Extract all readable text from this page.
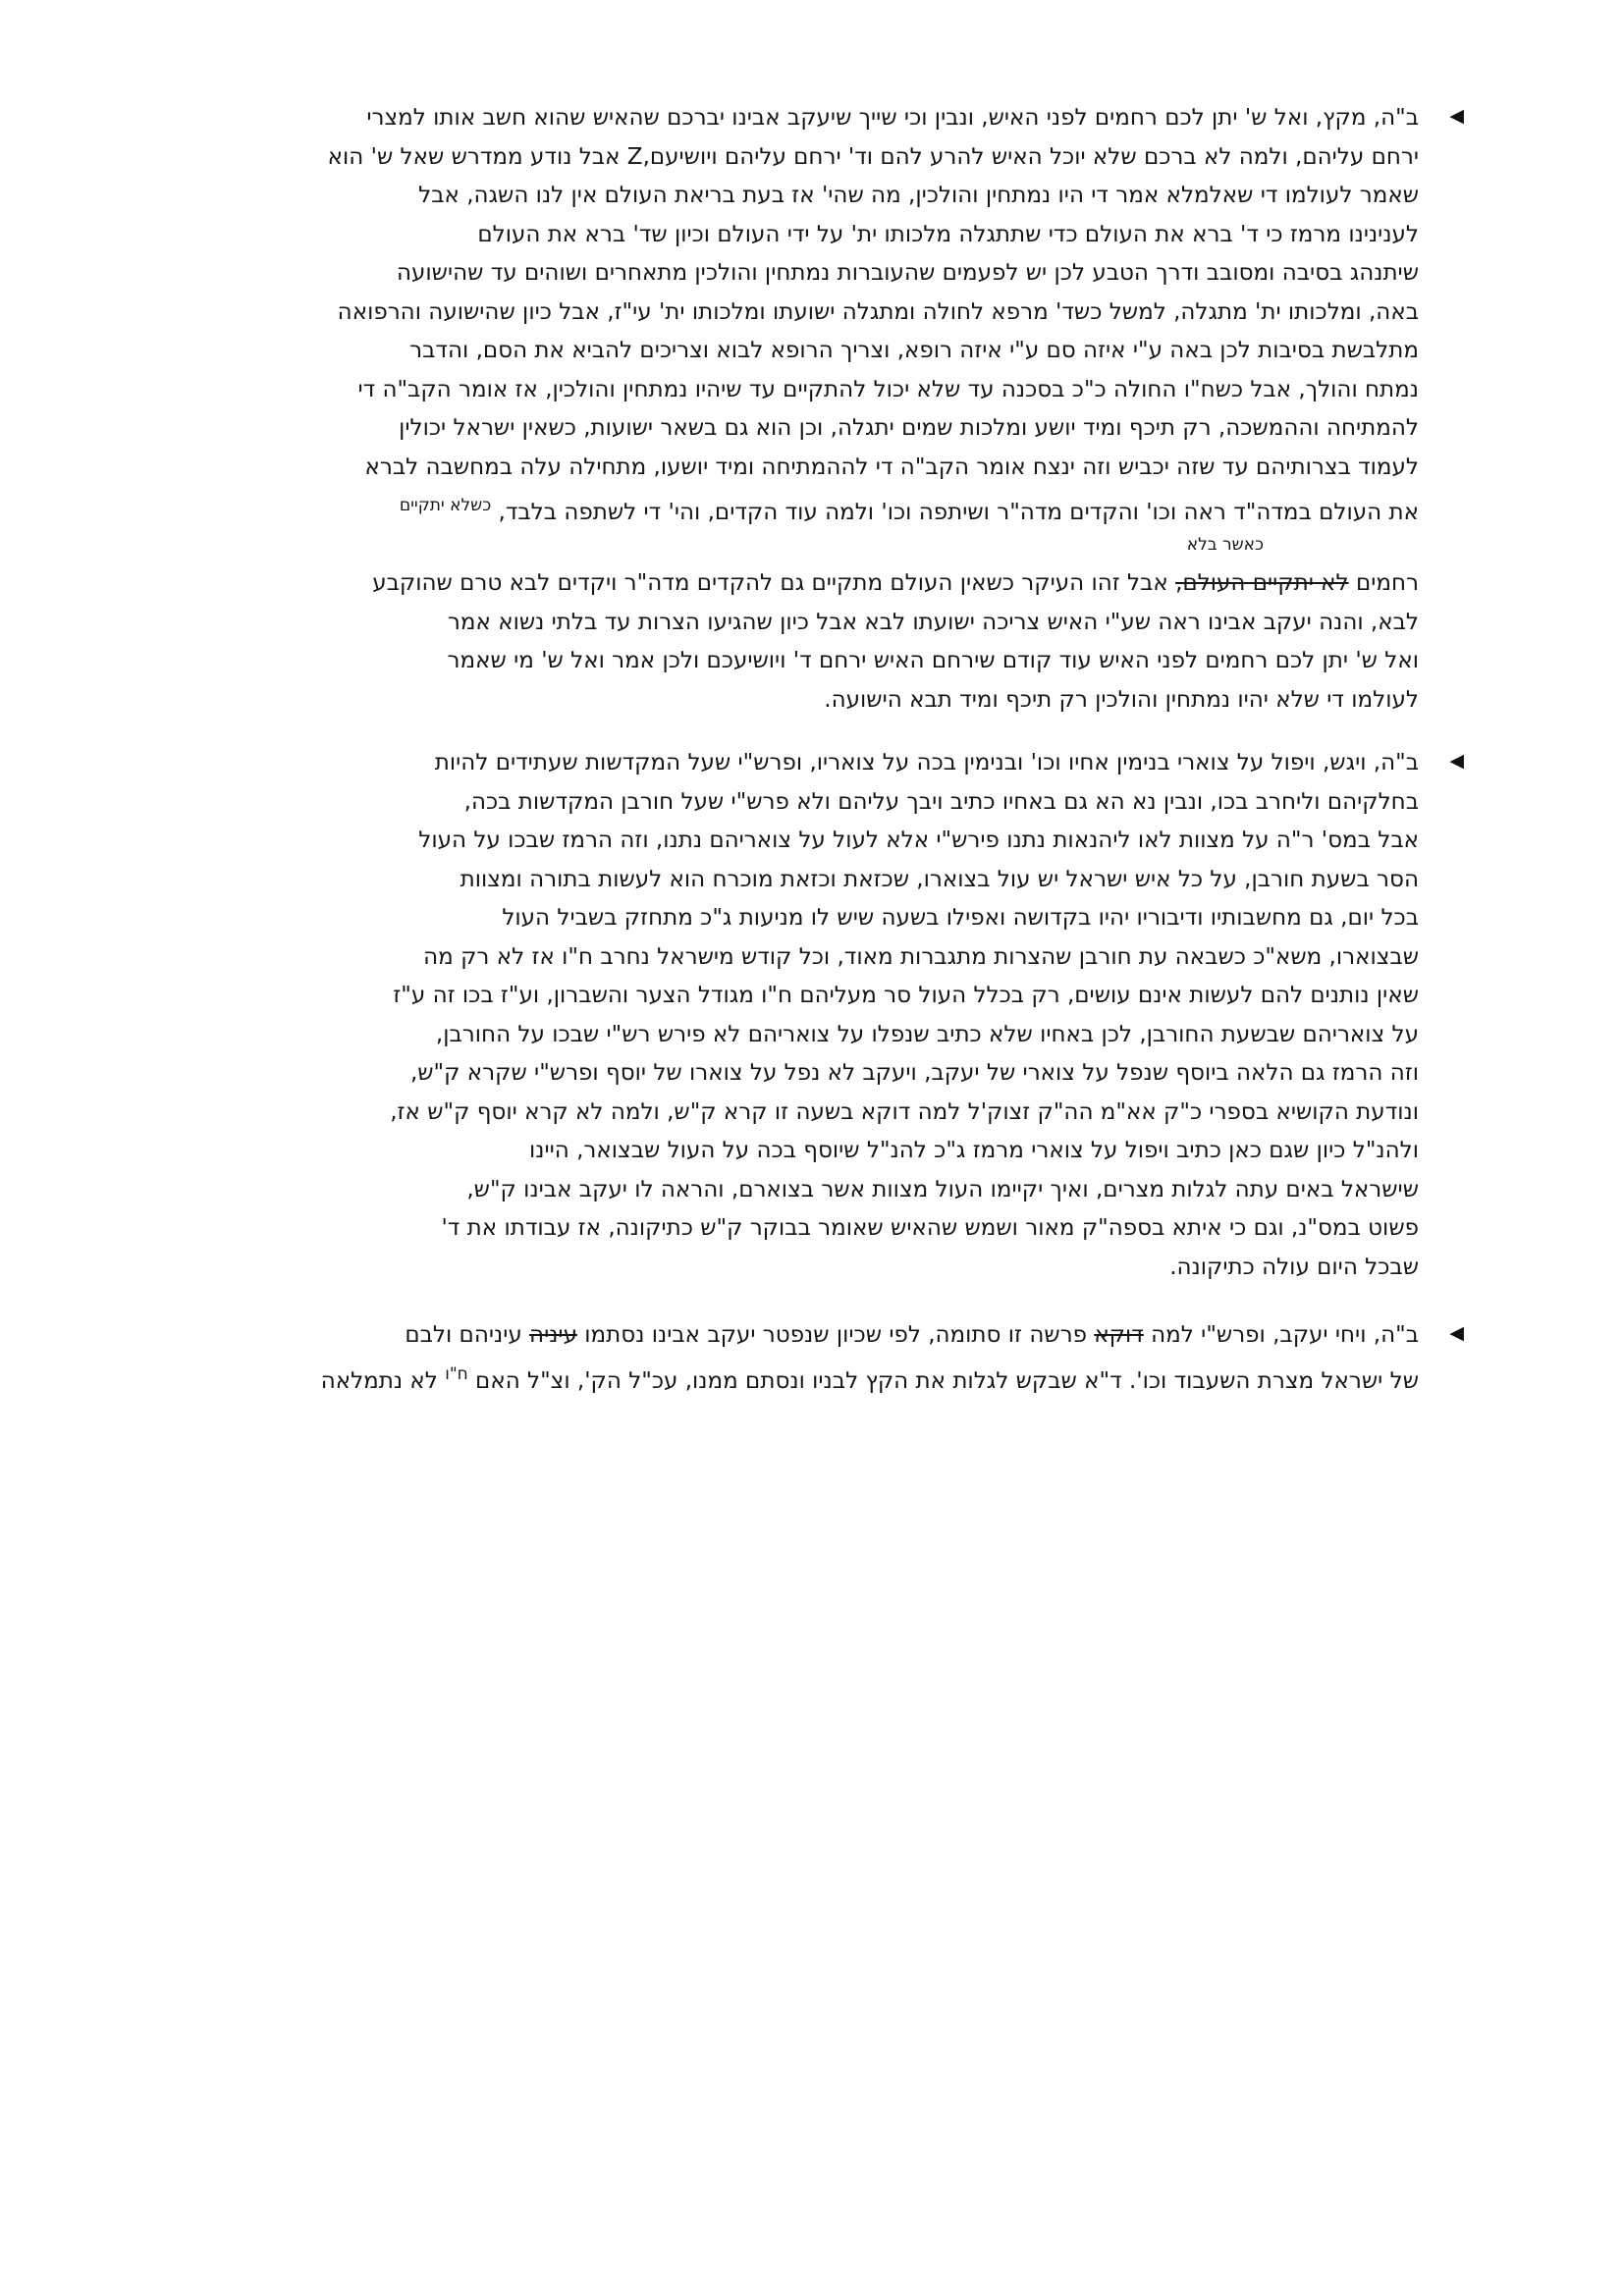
◀
ב"ה, מקץ, ואל ש' יתן לכם רחמים לפני האיש, ונבין וכי שייך שיעקב אבינו יברכם שהאיש שהוא חשב אותו למצרי
ירחם עליהם, ולמה לא ברכם שלא יוכל האיש להרע להם וד' ירחם עליהם ויושיעם,Z אבל נודע ממדרש שאל ש' הוא
שאמר לעולמו די שאלמלא אמר די היו נמתחין והולכין, מה שהי' אז בעת בריאת העולם אין לנו השגה, אבל
לענינינו מרמז כי ד' ברא את העולם כדי שתתגלה מלכותו ית' על ידי העולם וכיון שד' ברא את העולם
שיתנהג בסיבה ומסובב ודרך הטבע לכן יש לפעמים שהעוברות נמתחין והולכין מתאחרים ושוהים עד שהישועה
באה, ומלכותו ית' מתגלה, למשל כשד' מרפא לחולה ומתגלה ישועתו ומלכותו ית' עי"ז, אבל כיון שהישועה והרפואה
מתלבשת בסיבות לכן באה ע"י איזה סם ע"י איזה רופא, וצריך הרופא לבוא וצריכים להביא את הסם, והדבר
נמתח והולך, אבל כשח"ו החולה כ"כ בסכנה עד שלא יכול להתקיים עד שיהיו נמתחין והולכין, אז אומר הקב"ה די
להמתיחה וההמשכה, רק תיכף ומיד יושע ומלכות שמים יתגלה, וכן הוא גם בשאר ישועות, כשאין ישראל יכולין
לעמוד בצרותיהם עד שזה יכביש וזה ינצח אומר הקב"ה די לההמתיחה ומיד יושעו, מתחילה עלה במחשבה לברא
את העולם במדה"ד ראה וכו' והקדים מדה"ר ושיתפה וכו' ולמה עוד הקדים, והי' די לשתפה בלבד, $^{כשלא יתקיים}$
כאשר בלא
רחמים לא יתקיים העולם, אבל זהו העיקר כשאין העולם מתקיים גם להקדים מדה"ר ויקדים לבא טרם שהוקבע
לבא, והנה יעקב אבינו ראה שע"י האיש צריכה ישועתו לבא אבל כיון שהגיעו הצרות עד בלתי נשוא אמר
ואל ש' יתן לכם רחמים לפני האיש עוד קודם שירחם האיש ירחם ד' ויושיעכם ולכן אמר ואל ש' מי שאמר
לעולמו די שלא יהיו נמתחין והולכין רק תיכף ומיד תבא הישועה.
◀
ב"ה, ויגש, ויפול על צוארי בנימין אחיו וכו' ובנימין בכה על צואריו, ופרש"י שעל המקדשות שעתידים להיות
בחלקיהם וליחרב בכו, ונבין נא הא גם באחיו כתיב ויבך עליהם ולא פרש"י שעל חורבן המקדשות בכה,
אבל במס' ר"ה על מצוות לאו ליהנאות נתנו פירש"י אלא לעול על צואריהם נתנו, וזה הרמז שבכו על העול
הסר בשעת חורבן, על כל איש ישראל יש עול בצוארו, שכזאת וכזאת מוכרח הוא לעשות בתורה ומצוות
בכל יום, גם מחשבותיו ודיבוריו יהיו בקדושה ואפילו בשעה שיש לו מניעות ג"כ מתחזק בשביל העול
שבצוארו, משא"כ כשבאה עת חורבן שהצרות מתגברות מאוד, וכל קודש מישראל נחרב ח"ו אז לא רק מה
שאין נותנים להם לעשות אינם עושים, רק בכלל העול סר מעליהם ח"ו מגודל הצער והשברון, וע"ז בכו זה ע"ז
על צואריהם שבשעת החורבן, לכן באחיו שלא כתיב שנפלו על צואריהם לא פירש רש"י שבכו על החורבן,
וזה הרמז גם הלאה ביוסף שנפל על צוארי של יעקב, ויעקב לא נפל על צוארו של יוסף ופרש"י שקרא ק"ש,
ונודעת הקושיא בספרי כ"ק אא"מ הה"ק זצוק'ל למה דוקא בשעה זו קרא ק"ש, ולמה לא קרא יוסף ק"ש אז,
ולהנ"ל כיון שגם כאן כתיב ויפול על צוארי מרמז ג"כ להנ"ל שיוסף בכה על העול שבצואר, היינו
שישראל באים עתה לגלות מצרים, ואיך יקיימו העול מצוות אשר בצוארם, והראה לו יעקב אבינו ק"ש,
פשוט במס"נ, וגם כי איתא בספה"ק מאור ושמש שהאיש שאומר בבוקר ק"ש כתיקונה, אז עבודתו את ד'
שבכל היום עולה כתיקונה.
◀
ב"ה, ויחי יעקב, ופרש"י למה דוקא פרשה זו סתומה, לפי שכיון שנפטר יעקב אבינו נסתמו עיניה עיניהם ולבם
של ישראל מצרת השעבוד וכו'. ד"א שבקש לגלות את הקץ לבניו ונסתם ממנו, עכ"ל הק', וצ"ל האם $^{ח"ו}$ לא נתמלאה
